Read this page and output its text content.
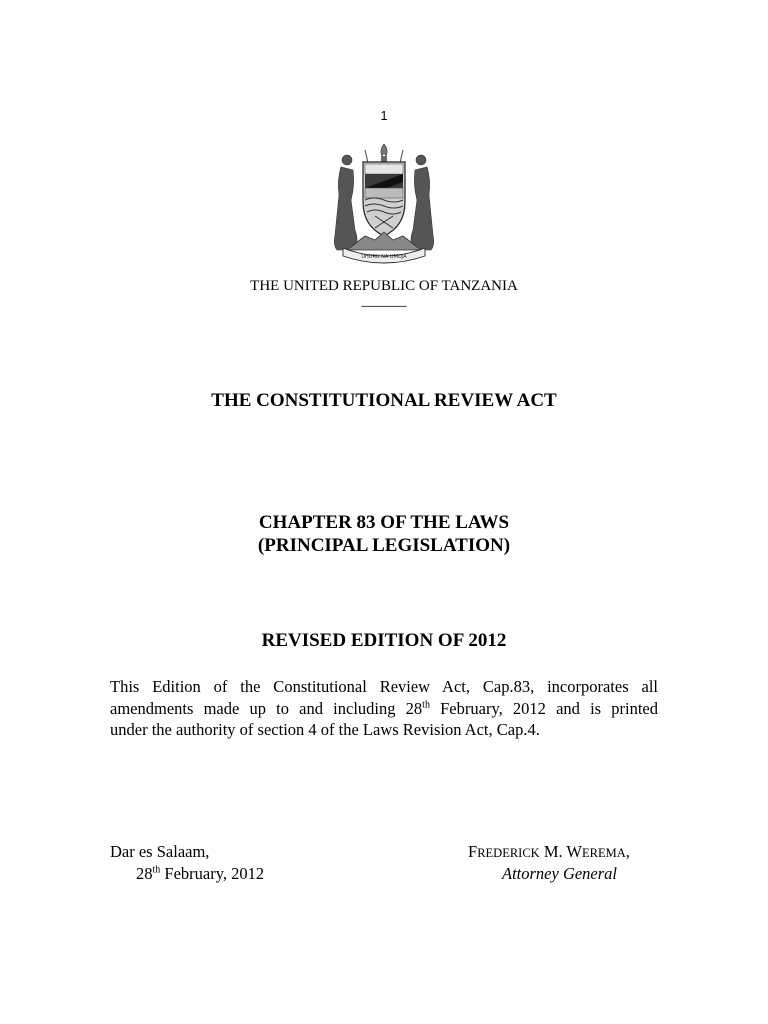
1
UHURU NA UMOJA
THE UNITED REPUBLIC OF TANZANIA
______
THE CONSTITUTIONAL REVIEW ACT
CHAPTER 83 OF THE LAWS
(PRINCIPAL LEGISLATION)
REVISED EDITION OF 2012
This Edition of the Constitutional Review Act, Cap.83, incorporates all
amendments made up to and including 28th February, 2012 and is printed
under the authority of section 4 of the Laws Revision Act, Cap.4.
Dar es Salaam,
28th February, 2012
FREDERICK M. WEREMA,
Attorney General
